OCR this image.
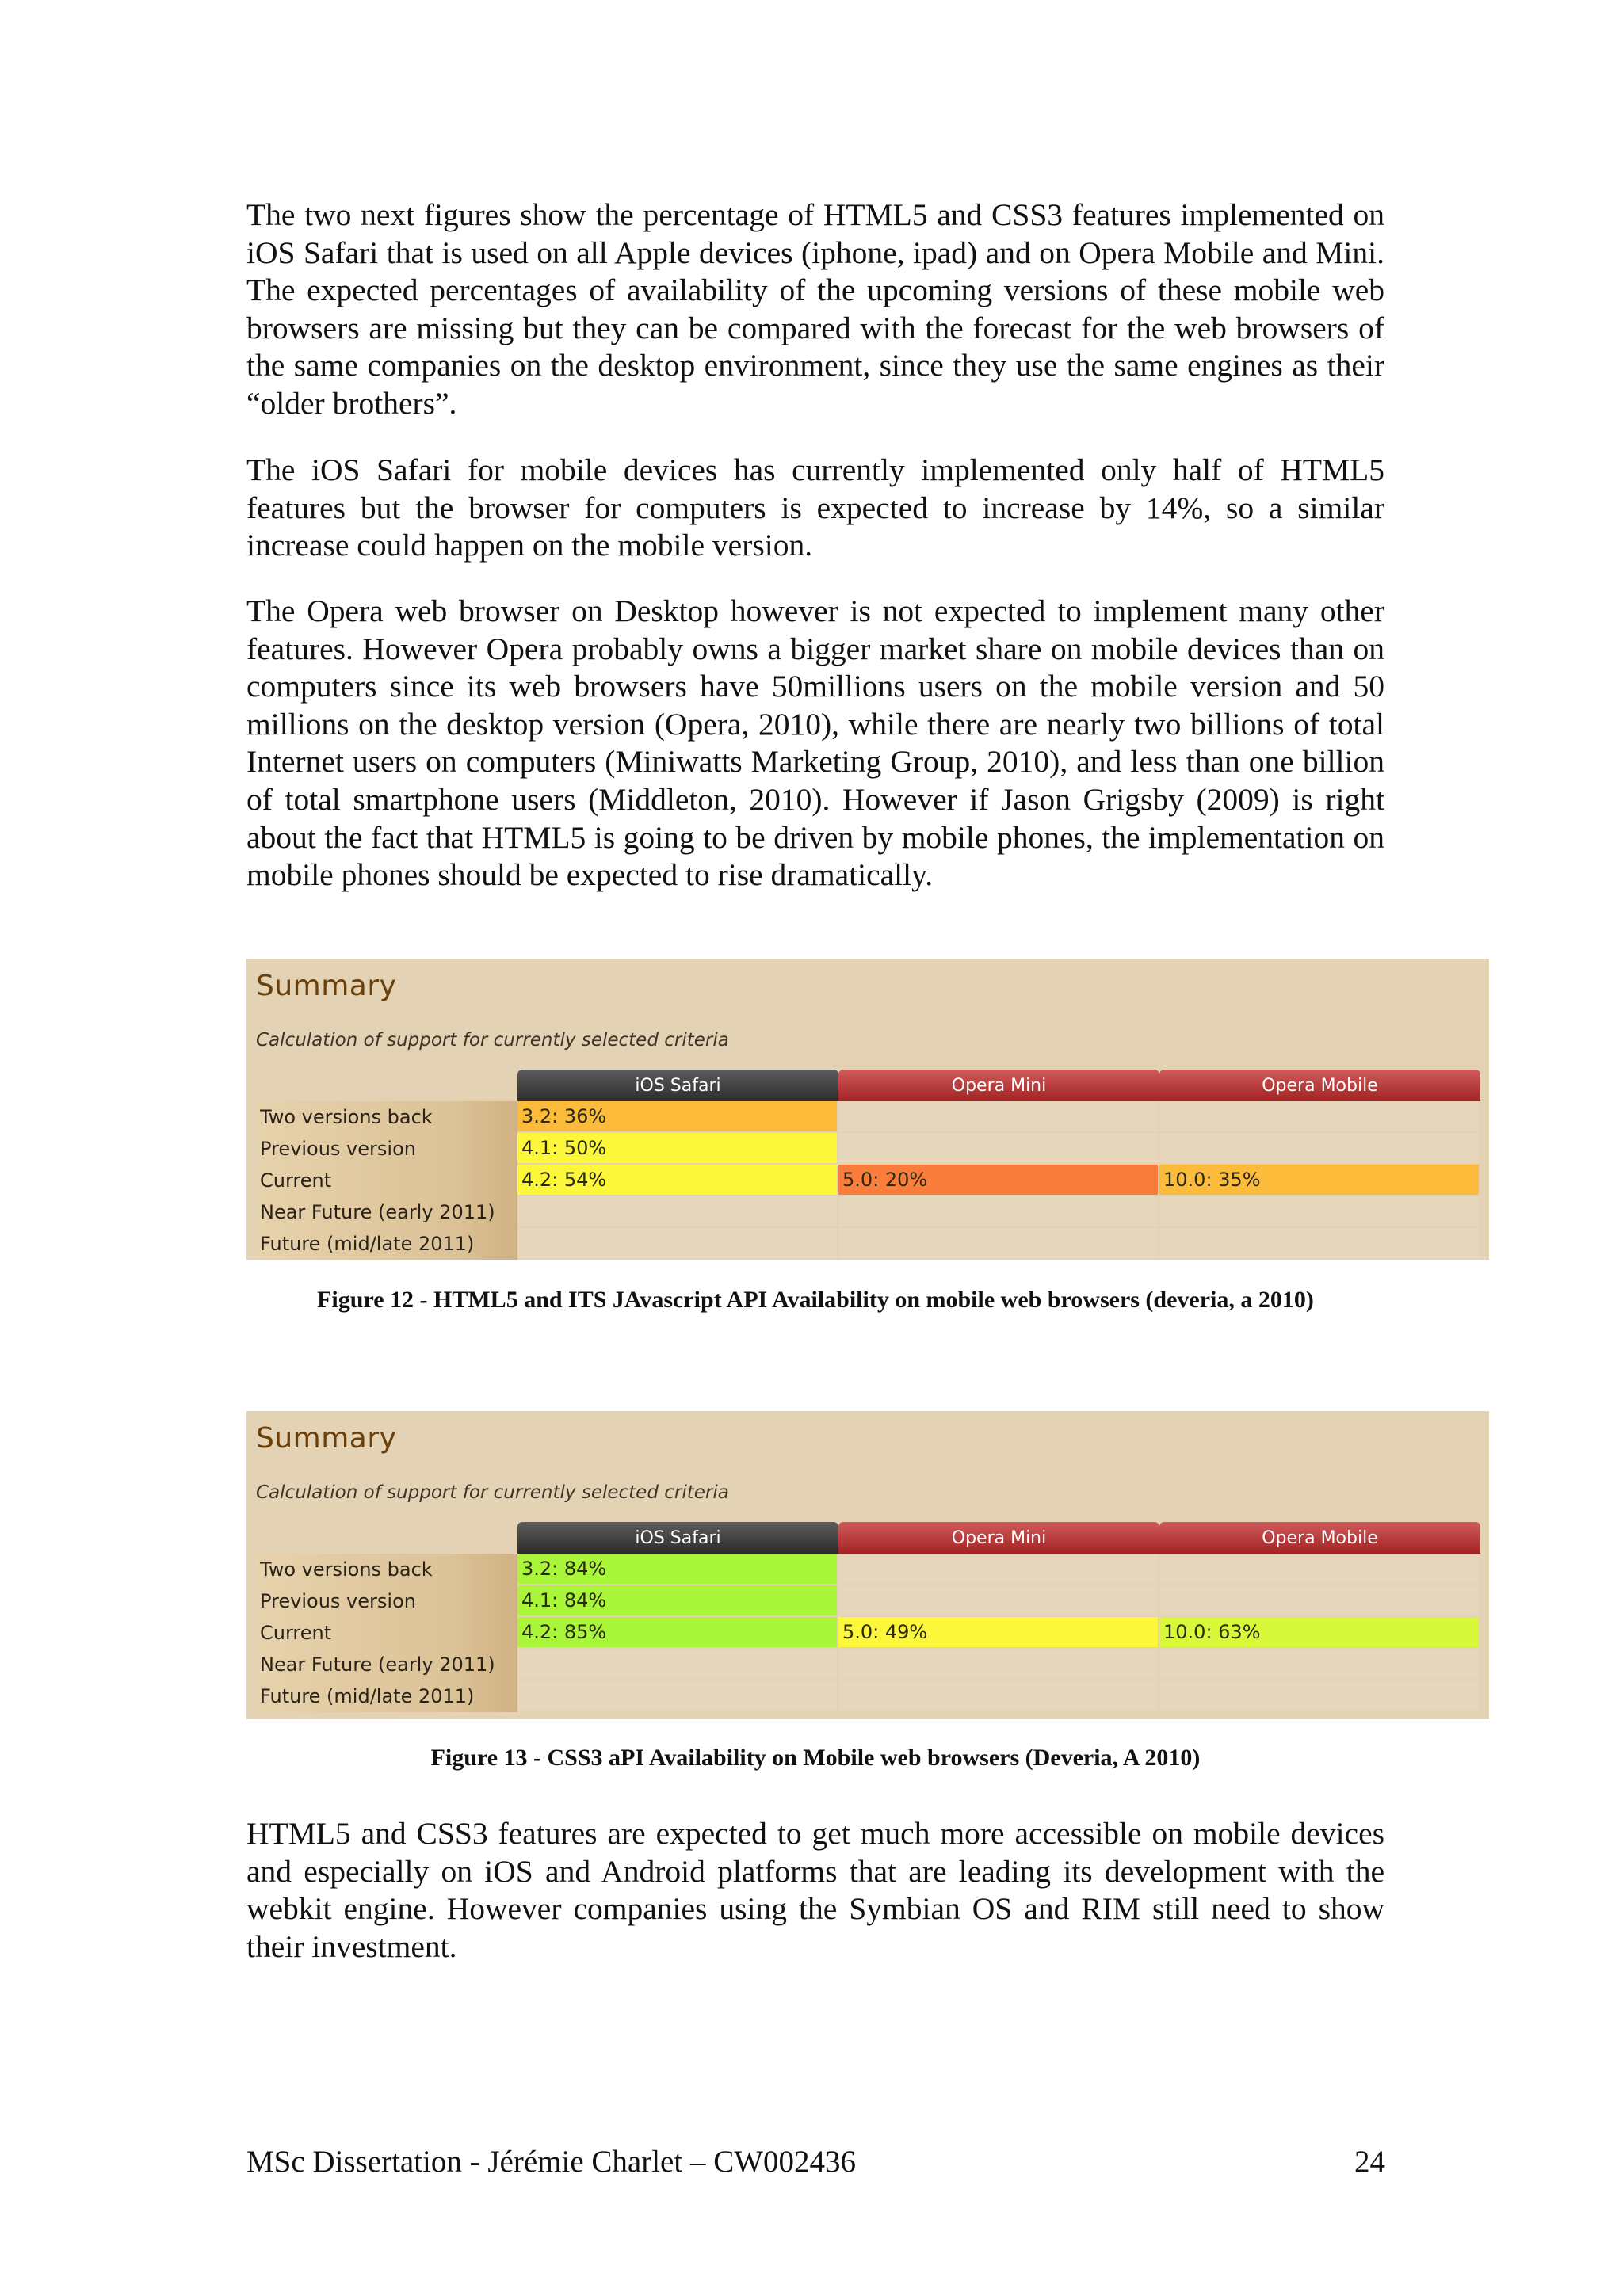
The two next figures show the percentage of HTML5 and CSS3 features implemented on iOS Safari that is used on all Apple devices (iphone, ipad) and on Opera Mobile and Mini. The expected percentages of availability of the upcoming versions of these mobile web browsers are missing but they can be compared with the forecast for the web browsers of the same companies on the desktop environment, since they use the same engines as their “older brothers”.

The iOS Safari for mobile devices has currently implemented only half of HTML5 features but the browser for computers is expected to increase by 14%, so a similar increase could happen on the mobile version.

The Opera web browser on Desktop however is not expected to implement many other features. However Opera probably owns a bigger market share on mobile devices than on computers since its web browsers have 50millions users on the mobile version and 50 millions on the desktop version (Opera, 2010), while there are nearly two billions of total Internet users on computers (Miniwatts Marketing Group, 2010), and less than one billion of total smartphone users (Middleton, 2010). However if Jason Grigsby (2009) is right about the fact that HTML5 is going to be driven by mobile phones, the implementation on mobile phones should be expected to rise dramatically.

Summary
Calculation of support for currently selected criteria
	iOS Safari	Opera Mini	Opera Mobile
Two versions back	3.2: 36%		
Previous version	4.1: 50%		
Current	4.2: 54%	5.0: 20%	10.0: 35%
Near Future (early 2011)			
Future (mid/late 2011)			

Figure 12 - HTML5 and ITS JAvascript API Availability on mobile web browsers (deveria, a 2010)

Summary
Calculation of support for currently selected criteria
	iOS Safari	Opera Mini	Opera Mobile
Two versions back	3.2: 84%		
Previous version	4.1: 84%		
Current	4.2: 85%	5.0: 49%	10.0: 63%
Near Future (early 2011)			
Future (mid/late 2011)			

Figure 13 - CSS3 aPI Availability on Mobile web browsers (Deveria, A 2010)

HTML5 and CSS3 features are expected to get much more accessible on mobile devices and especially on iOS and Android platforms that are leading its development with the webkit engine. However companies using the Symbian OS and RIM still need to show their investment.

MSc Dissertation - Jérémie Charlet – CW002436	24
